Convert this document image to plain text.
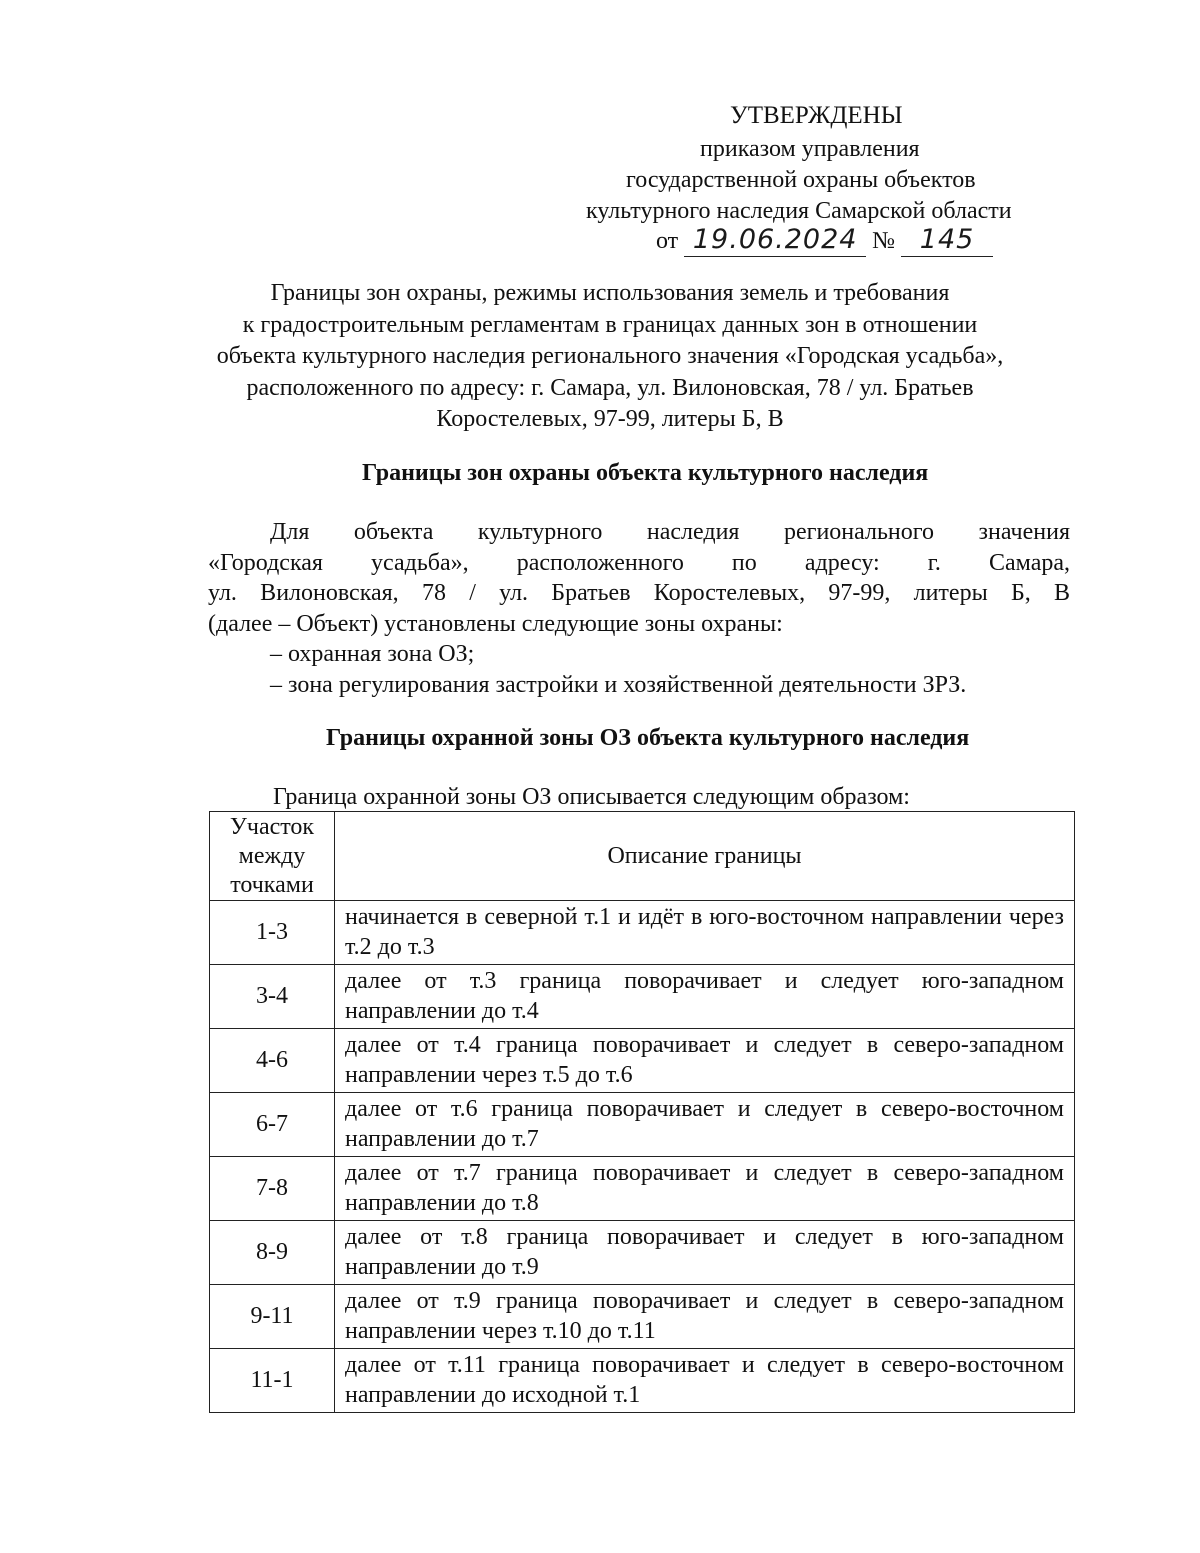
УТВЕРЖДЕНЫ
приказом управления
государственной охраны объектов
культурного наследия Самарской области
от 19.06.2024 № 145
Границы зон охраны, режимы использования земель и требования
к градостроительным регламентам в границах данных зон в отношении
объекта культурного наследия регионального значения «Городская усадьба»,
расположенного по адресу: г. Самара, ул. Вилоновская, 78 / ул. Братьев
Коростелевых, 97-99, литеры Б, В
Границы зон охраны объекта культурного наследия
Для объекта культурного наследия регионального значения
«Городская усадьба», расположенного по адресу: г. Самара,
ул. Вилоновская, 78 / ул. Братьев Коростелевых, 97-99, литеры Б, В
(далее – Объект) установлены следующие зоны охраны:
– охранная зона ОЗ;
– зона регулирования застройки и хозяйственной деятельности ЗРЗ.
Границы охранной зоны ОЗ объекта культурного наследия
Граница охранной зоны ОЗ описывается следующим образом:
Участок между точками	Описание границы
1-3	начинается в северной т.1 и идёт в юго-восточном направлении через т.2 до т.3
3-4	далее от т.3 граница поворачивает и следует юго-западном направлении до т.4
4-6	далее от т.4 граница поворачивает и следует в северо-западном направлении через т.5 до т.6
6-7	далее от т.6 граница поворачивает и следует в северо-восточном направлении до т.7
7-8	далее от т.7 граница поворачивает и следует в северо-западном направлении до т.8
8-9	далее от т.8 граница поворачивает и следует в юго-западном направлении до т.9
9-11	далее от т.9 граница поворачивает и следует в северо-западном направлении через т.10 до т.11
11-1	далее от т.11 граница поворачивает и следует в северо-восточном направлении до исходной т.1
